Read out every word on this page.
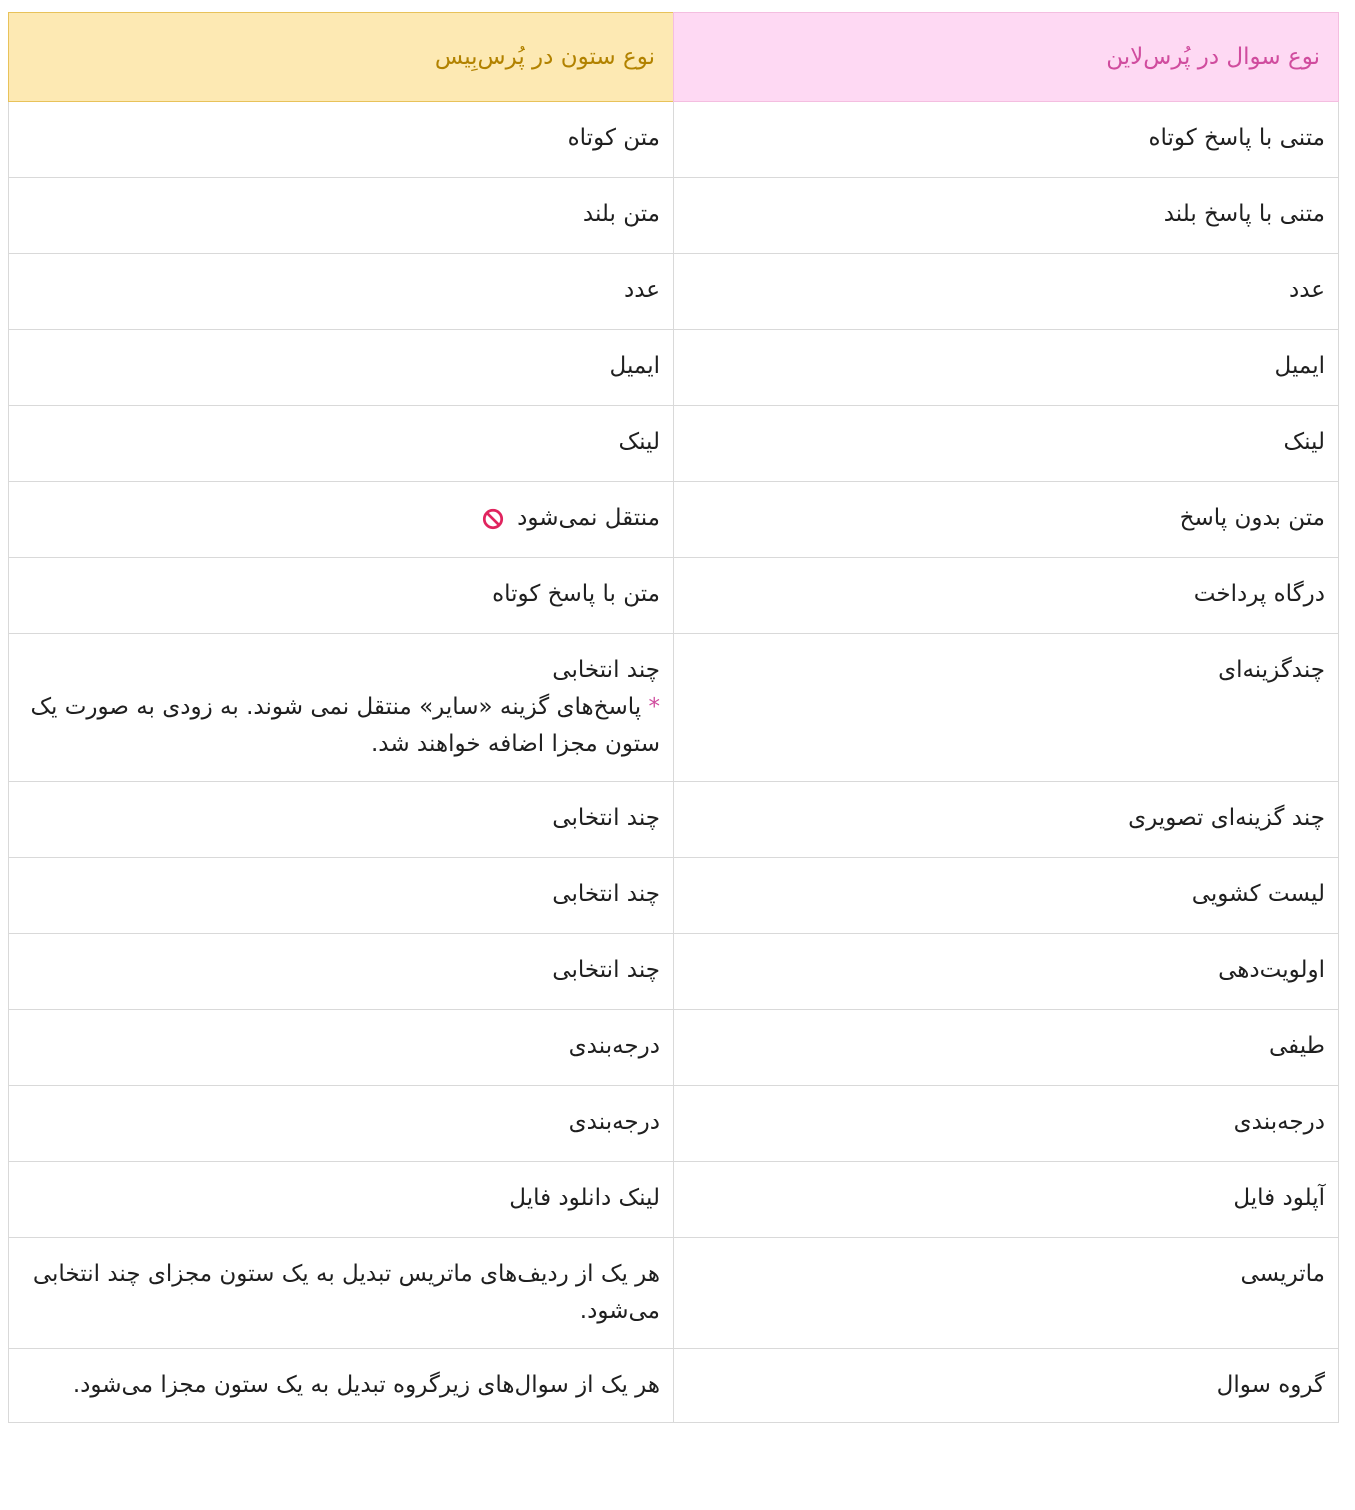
نوع سوال در پُرس‌لاین	نوع ستون در پُرس‌بِیس
متنی با پاسخ کوتاه	متن کوتاه
متنی با پاسخ بلند	متن بلند
عدد	عدد
ایمیل	ایمیل
لینک	لینک
متن بدون پاسخ	منتقل نمی‌شود
درگاه پرداخت	متن با پاسخ کوتاه
چندگزینه‌ای	چند انتخابی
* پاسخ‌های گزینه «سایر» منتقل نمی شوند. به زودی به صورت یک ستون مجزا اضافه خواهند شد.

چند گزینه‌ای تصویری	چند انتخابی
لیست کشویی	چند انتخابی
اولویت‌دهی	چند انتخابی
طیفی	درجه‌بندی
درجه‌بندی	درجه‌بندی
آپلود فایل	لینک دانلود فایل
ماتریسی	هر یک از ردیف‌های ماتریس تبدیل به یک ستون مجزای چند انتخابی می‌شود.
گروه سوال	هر یک از سوال‌های زیرگروه تبدیل به یک ستون مجزا می‌شود.
